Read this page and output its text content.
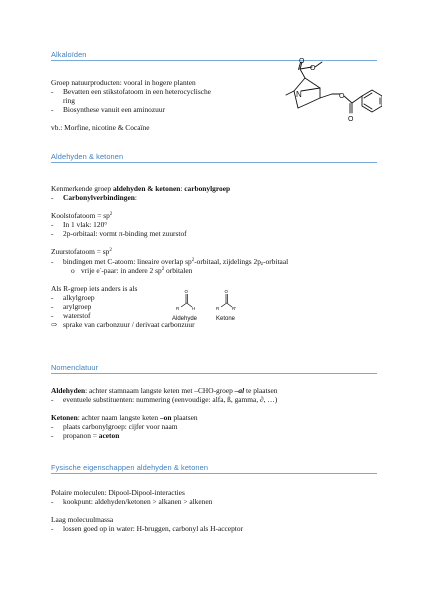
Alkaloïden
Groep natuurproducten: vooral in hogere planten
- Bevatten een stikstofatoom in een heterocyclische
ring
- Biosynthese vanuit een aminozuur
vb.: Morfine, nicotine & Cocaïne
N
O
O
O
O
Aldehyden & ketonen
Kenmerkende groep aldehyden & ketonen: carbonylgroep
- Carbonylverbindingen:
Koolstofatoom = $sp^2$
- In 1 vlak: 120°
- 2p-orbitaal: vormt π-binding met zuurstof
Zuurstofatoom = $sp^2$
- bindingen met C-atoom: lineaire overlap $sp^2$-orbitaal, zijdelings $2p_z$-orbitaal
o vrije e--paar: in andere 2 $sp^2$ orbitalen
Als R-groep iets anders is als
- alkylgroep
- arylgroep
- waterstof
⇨ sprake van carbonzuur / derivaat carbonzuur
O
R	H
O
R	R'
Aldehyde	Ketone
Nomenclatuur
Aldehyden: achter stamnaam langste keten met –CHO-groep –al te plaatsen
- eventuele substituenten: nummering (eenvoudige: alfa, ß, gamma, ∂, …)
Ketonen: achter naam langste keten –on plaatsen
- plaats carbonylgroep: cijfer voor naam
- propanon = aceton
Fysische eigenschappen aldehyden & ketonen
Polaire moleculen: Dipool-Dipool-interacties
- kookpunt: aldehyden/ketonen > alkanen > alkenen
Laag molecuulmassa
- lossen goed op in water: H-bruggen, carbonyl als H-acceptor
